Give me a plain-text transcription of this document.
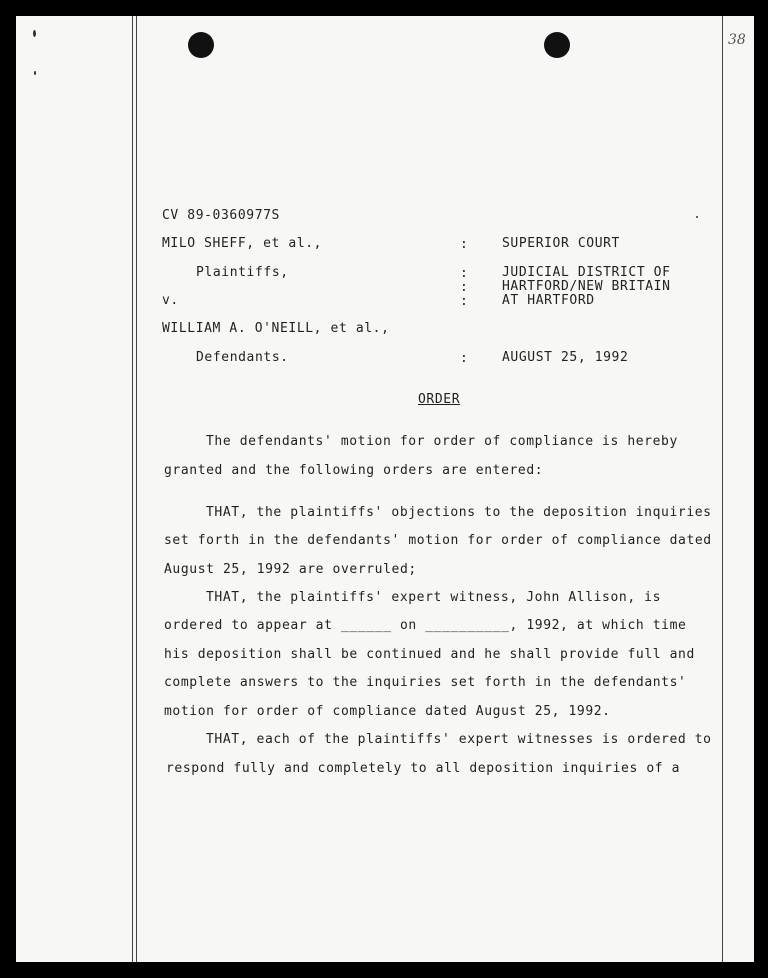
38
CV 89-0360977S
MILO SHEFF, et al.,
Plaintiffs,
v.
WILLIAM A. O'NEILL, et al.,
Defendants.
:
:
:
:
:
SUPERIOR COURT
JUDICIAL DISTRICT OF
HARTFORD/NEW BRITAIN
AT HARTFORD
AUGUST 25, 1992
ORDER
The defendants' motion for order of compliance is hereby
granted and the following orders are entered:
THAT, the plaintiffs' objections to the deposition inquiries
set forth in the defendants' motion for order of compliance dated
August 25, 1992 are overruled;
THAT, the plaintiffs' expert witness, John Allison, is
ordered to appear at ______ on __________, 1992, at which time
his deposition shall be continued and he shall provide full and
complete answers to the inquiries set forth in the defendants'
motion for order of compliance dated August 25, 1992.
THAT, each of the plaintiffs' expert witnesses is ordered to
respond fully and completely to all deposition inquiries of a
